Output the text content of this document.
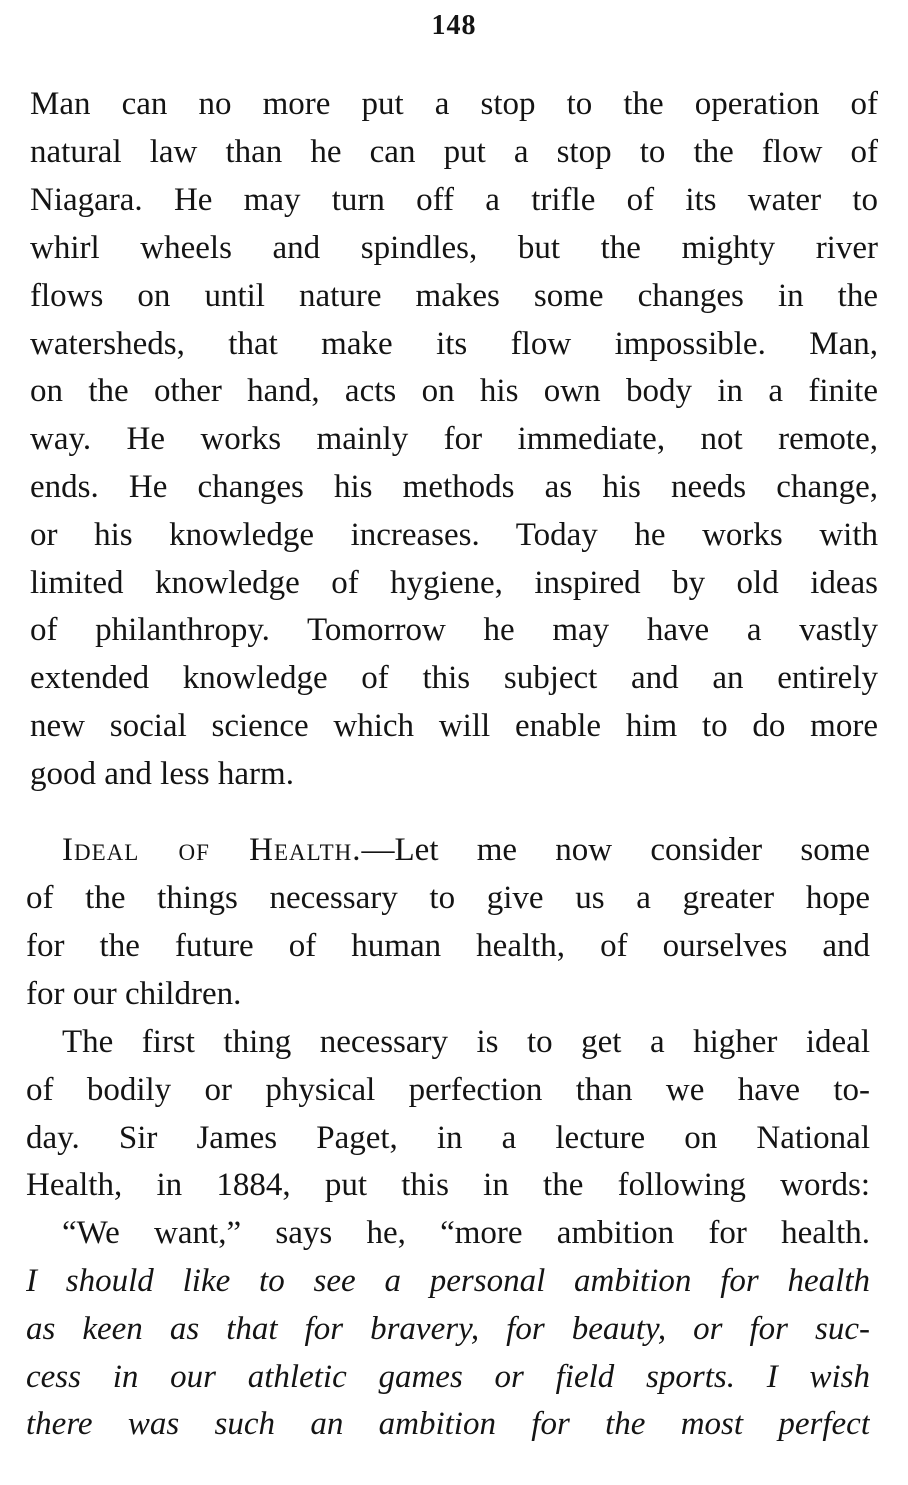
148
Man can no more put a stop to the operation of
natural law than he can put a stop to the flow of
Niagara. He may turn off a trifle of its water to
whirl wheels and spindles, but the mighty river
flows on until nature makes some changes in the
watersheds, that make its flow impossible. Man,
on the other hand, acts on his own body in a finite
way. He works mainly for immediate, not remote,
ends. He changes his methods as his needs change,
or his knowledge increases. Today he works with
limited knowledge of hygiene, inspired by old ideas
of philanthropy. Tomorrow he may have a vastly
extended knowledge of this subject and an entirely
new social science which will enable him to do more
good and less harm.
Ideal of Health.—Let me now consider some
of the things necessary to give us a greater hope
for the future of human health, of ourselves and
for our children.
The first thing necessary is to get a higher ideal
of bodily or physical perfection than we have to-
day. Sir James Paget, in a lecture on National
Health, in 1884, put this in the following words:
“We want,” says he, “more ambition for health.
I should like to see a personal ambition for health
as keen as that for bravery, for beauty, or for suc-
cess in our athletic games or field sports. I wish
there was such an ambition for the most perfect
